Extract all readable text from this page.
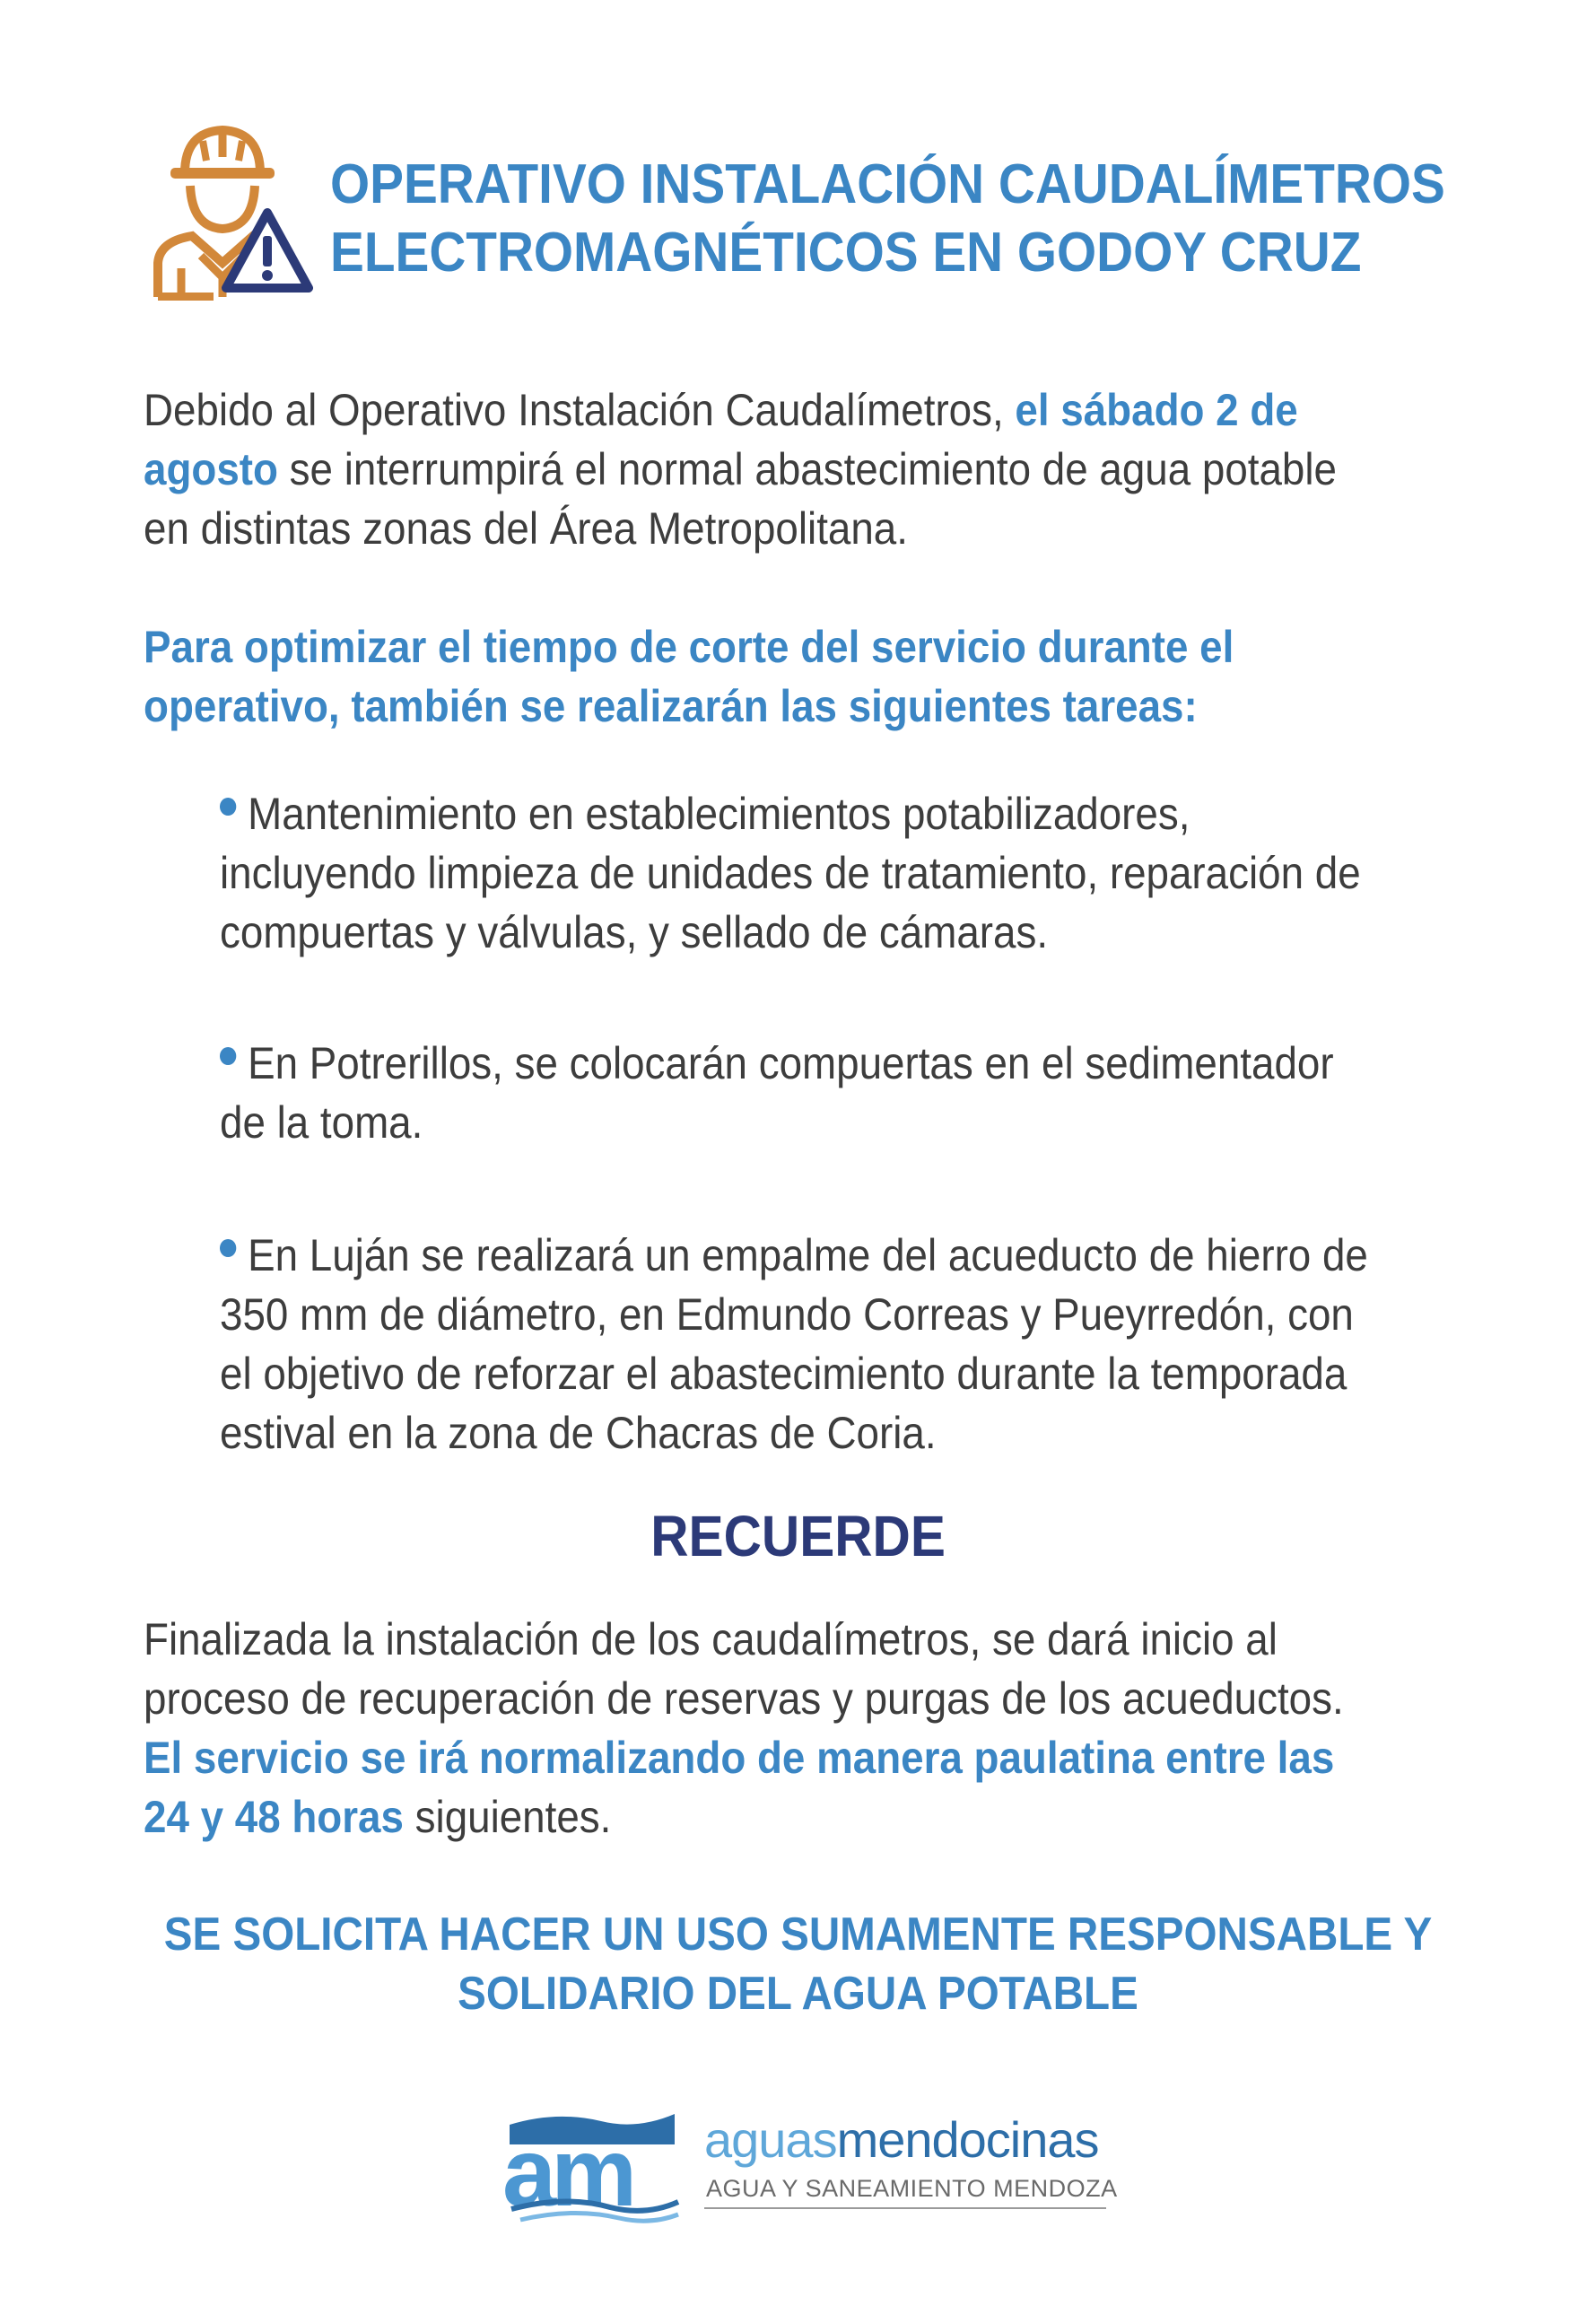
OPERATIVO INSTALACIÓN CAUDALÍMETROS
ELECTROMAGNÉTICOS EN GODOY CRUZ
Debido al Operativo Instalación Caudalímetros, el sábado 2 de agosto se interrumpirá el normal abastecimiento de agua potable en distintas zonas del Área Metropolitana.
Para optimizar el tiempo de corte del servicio durante el operativo, también se realizarán las siguientes tareas:
Mantenimiento en establecimientos potabilizadores, incluyendo limpieza de unidades de tratamiento, reparación de compuertas y válvulas, y sellado de cámaras.
En Potrerillos, se colocarán compuertas en el sedimentador de la toma.
En Luján se realizará un empalme del acueducto de hierro de 350 mm de diámetro, en Edmundo Correas y Pueyrredón, con el objetivo de reforzar el abastecimiento durante la temporada estival en la zona de Chacras de Coria.
RECUERDE
Finalizada la instalación de los caudalímetros, se dará inicio al proceso de recuperación de reservas y purgas de los acueductos. El servicio se irá normalizando de manera paulatina entre las 24 y 48 horas siguientes.
SE SOLICITA HACER UN USO SUMAMENTE RESPONSABLE Y
SOLIDARIO DEL AGUA POTABLE
am aguasmendocinas
AGUA Y SANEAMIENTO MENDOZA
